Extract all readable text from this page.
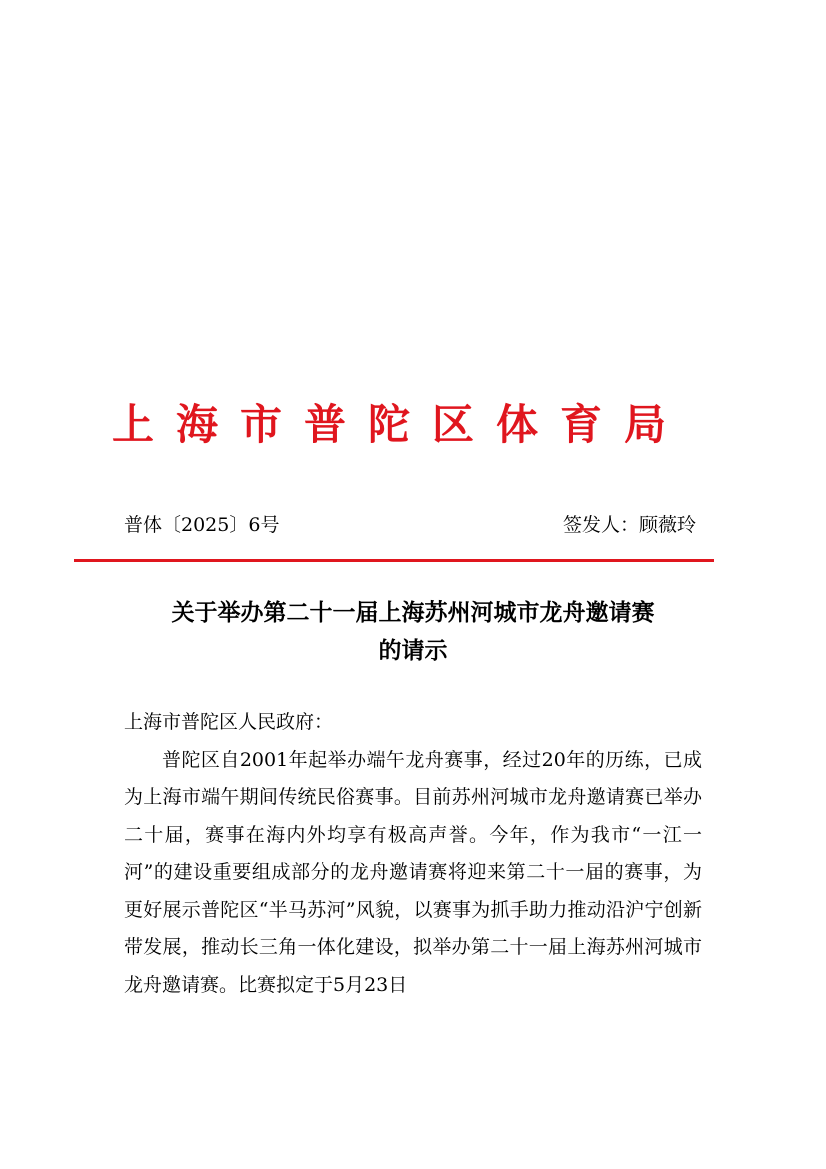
上海市普陀区体育局
普体〔2025〕6号	签发人：顾薇玲
关于举办第二十一届上海苏州河城市龙舟邀请赛
的请示
上海市普陀区人民政府：
普陀区自2001年起举办端午龙舟赛事，经过20年的历练，已成为上海市端午期间传统民俗赛事。目前苏州河城市龙舟邀请赛已举办二十届，赛事在海内外均享有极高声誉。今年，作为我市“一江一河”的建设重要组成部分的龙舟邀请赛将迎来第二十一届的赛事，为更好展示普陀区“半马苏河”风貌，以赛事为抓手助力推动沿沪宁创新带发展，推动长三角一体化建设，拟举办第二十一届上海苏州河城市龙舟邀请赛。比赛拟定于5月23日
